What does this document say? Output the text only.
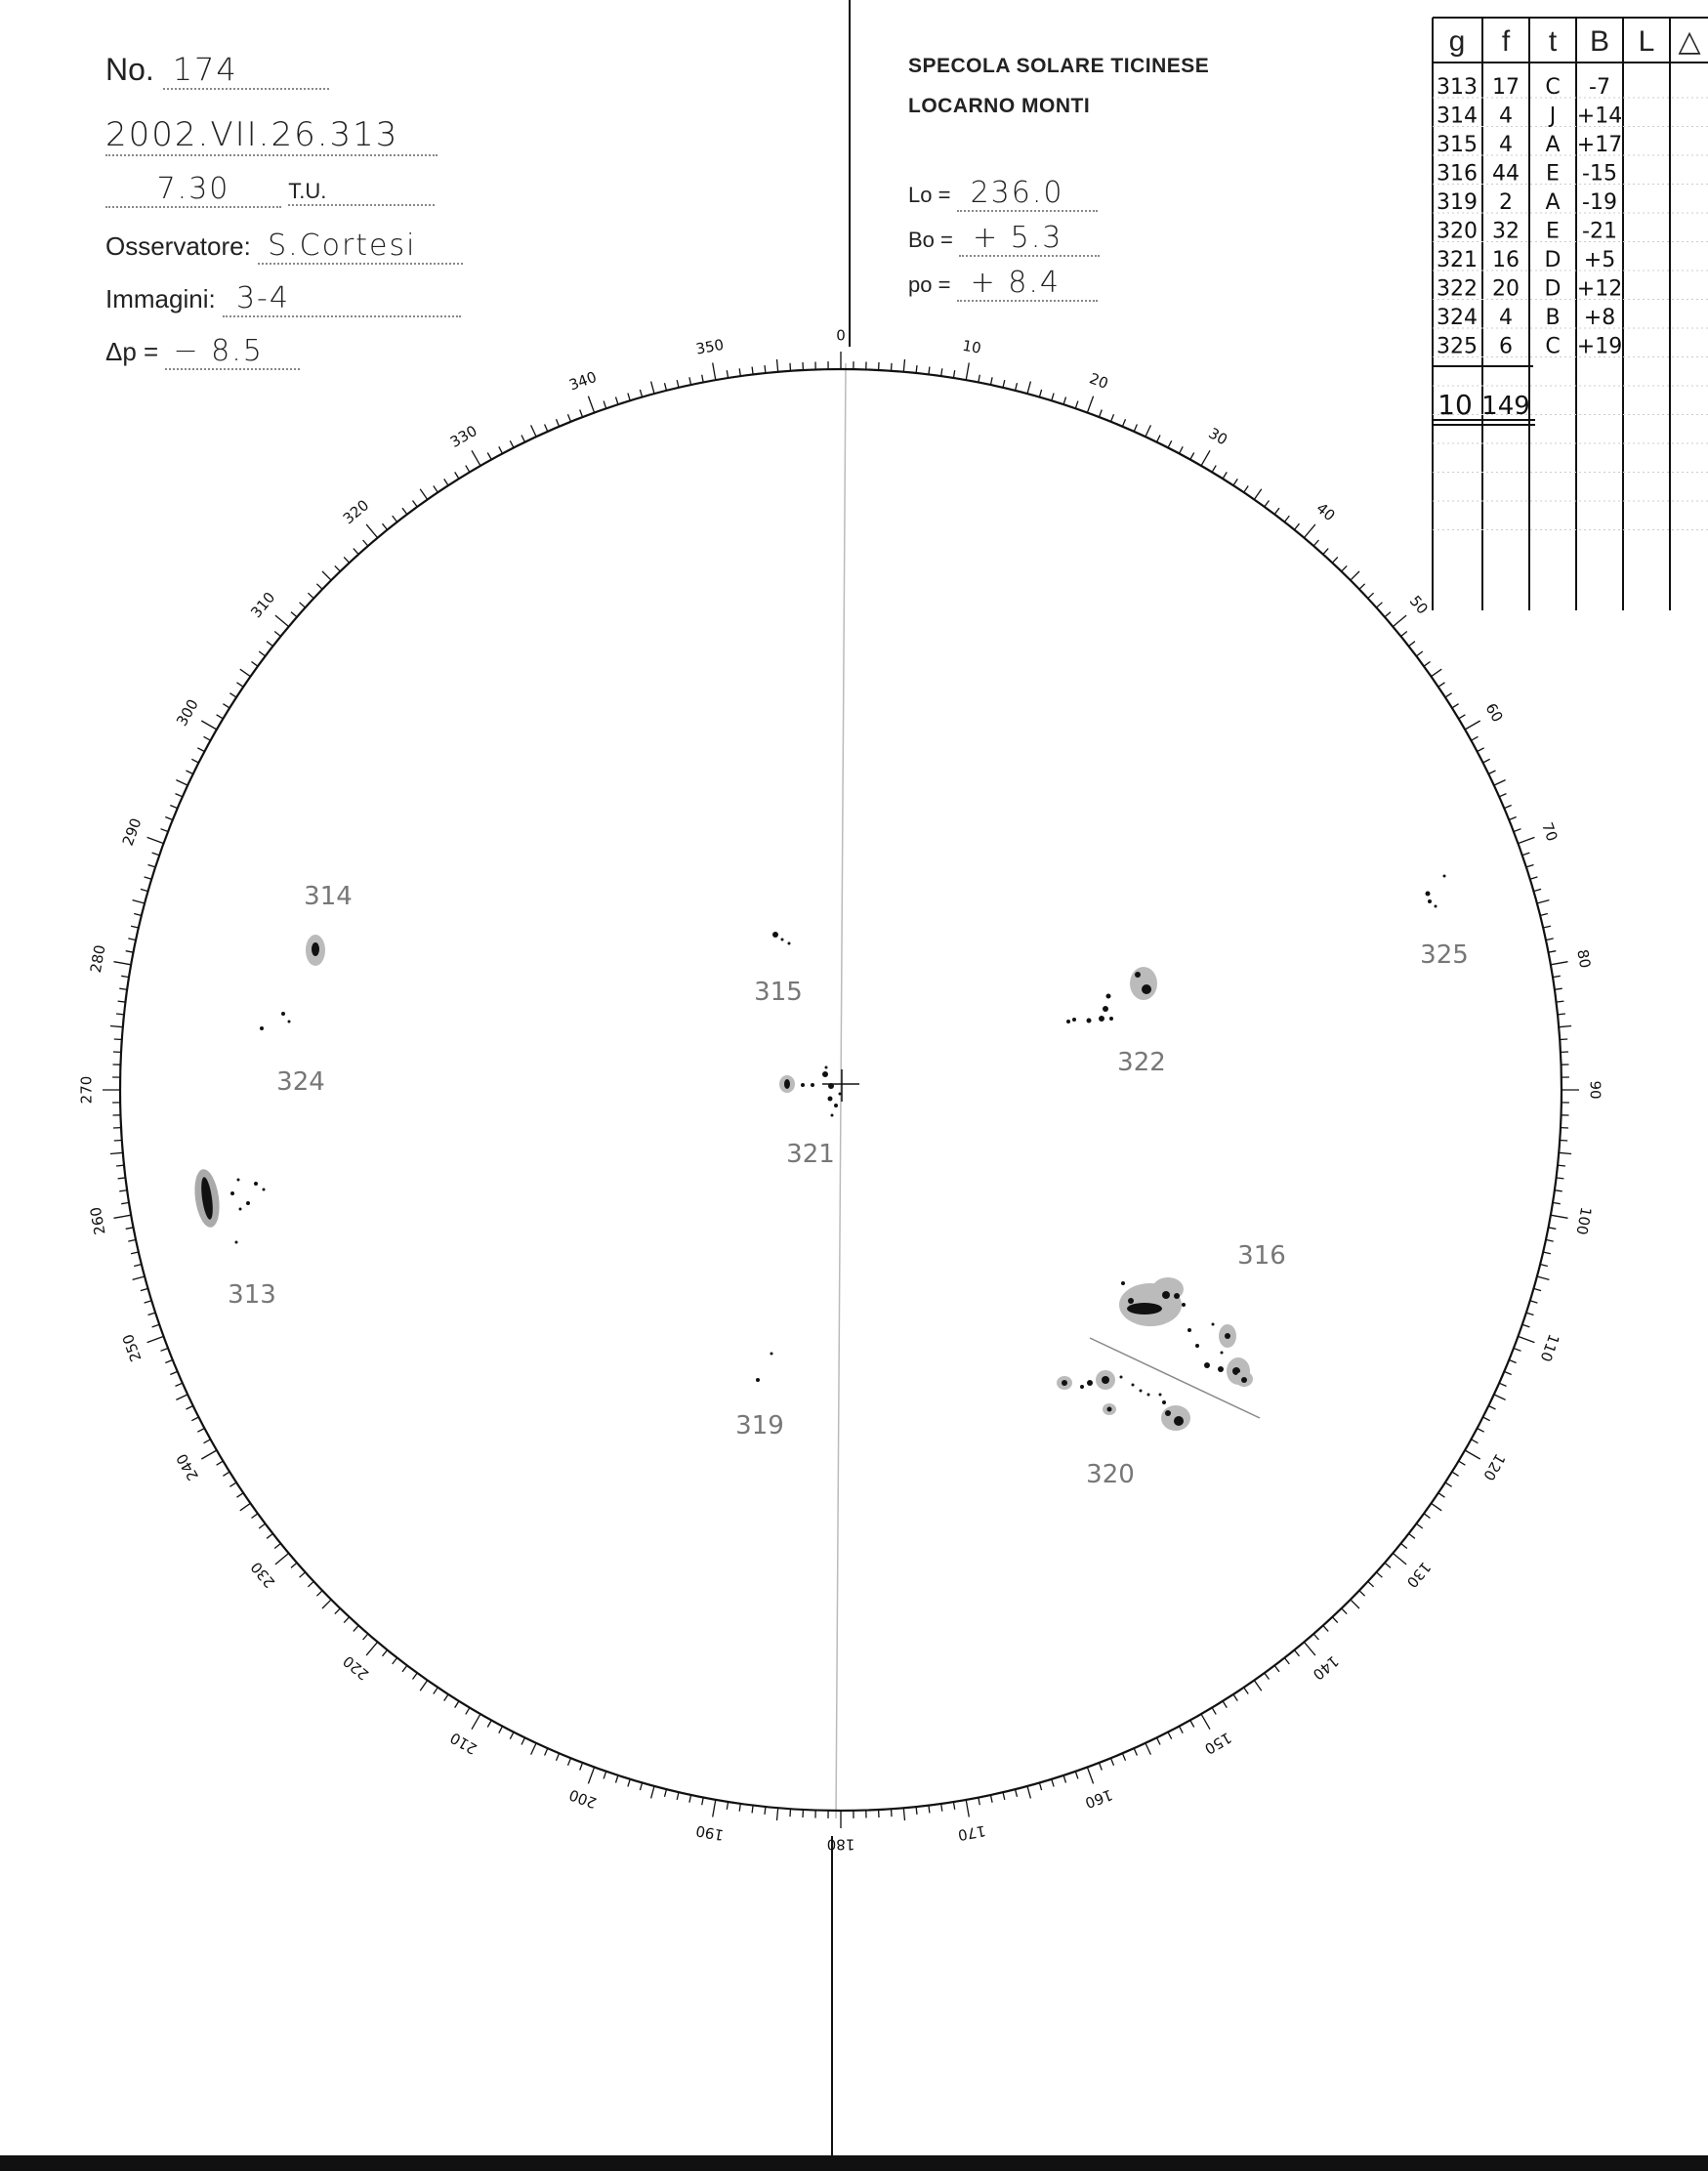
No. 174
2002.VII.26.313
7.30	T.U.
Osservatore: S.Cortesi
Immagini: 3-4
Δp = − 8.5
SPECOLA SOLARE TICINESE
LOCARNO MONTI
Lo = 236.0
Bo = + 5.3
po = + 8.4
0
10
20
30
40
50
60
70
80
90
100
110
120
130
140
150
160
170
180
190
200
210
220
230
240
250
260
270
280
290
300
310
320
330
340
350
314
324
313
315
321
322
325
316
319
320
g f t B L △
313 17 C -7
314 4 J +14
315 4 A +17
316 44 E -15
319 2 A -19
320 32 E -21
321 16 D +5
322 20 D +12
324 4 B +8
325 6 C +19
10 149
